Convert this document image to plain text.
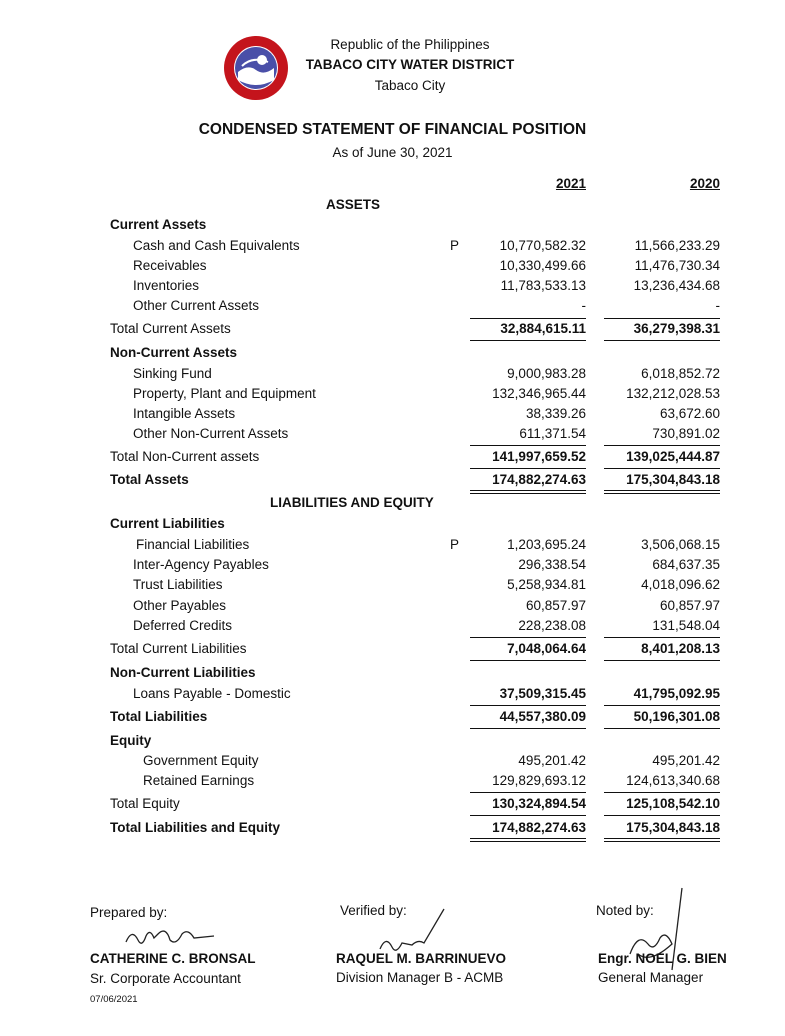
Republic of the Philippines
TABACO CITY WATER DISTRICT
Tabaco City
CONDENSED STATEMENT OF FINANCIAL POSITION
As of June 30, 2021
2021	2020
ASSETS
LIABILITIES AND EQUITY
Current Assets
Cash and Cash Equivalents	P	10,770,582.32	11,566,233.29
Receivables	10,330,499.66	11,476,730.34
Inventories	11,783,533.13	13,236,434.68
Other Current Assets	-	-
Total Current Assets	32,884,615.11	36,279,398.31
Non-Current Assets
Sinking Fund	9,000,983.28	6,018,852.72
Property, Plant and Equipment	132,346,965.44	132,212,028.53
Intangible Assets	38,339.26	63,672.60
Other Non-Current Assets	611,371.54	730,891.02
Total Non-Current assets	141,997,659.52	139,025,444.87
Total Assets	174,882,274.63	175,304,843.18
Current Liabilities
Financial Liabilities	P	1,203,695.24	3,506,068.15
Inter-Agency Payables	296,338.54	684,637.35
Trust Liabilities	5,258,934.81	4,018,096.62
Other Payables	60,857.97	60,857.97
Deferred Credits	228,238.08	131,548.04
Total Current Liabilities	7,048,064.64	8,401,208.13
Non-Current Liabilities
Loans Payable - Domestic	37,509,315.45	41,795,092.95
Total Liabilities	44,557,380.09	50,196,301.08
Equity
Government Equity	495,201.42	495,201.42
Retained Earnings	129,829,693.12	124,613,340.68
Total Equity	130,324,894.54	125,108,542.10
Total Liabilities and Equity	174,882,274.63	175,304,843.18
Prepared by:
CATHERINE C. BRONSAL
Sr. Corporate Accountant
07/06/2021
Verified by:
RAQUEL M. BARRINUEVO
Division Manager B - ACMB
Noted by:
Engr. NOEL G. BIEN
General Manager
